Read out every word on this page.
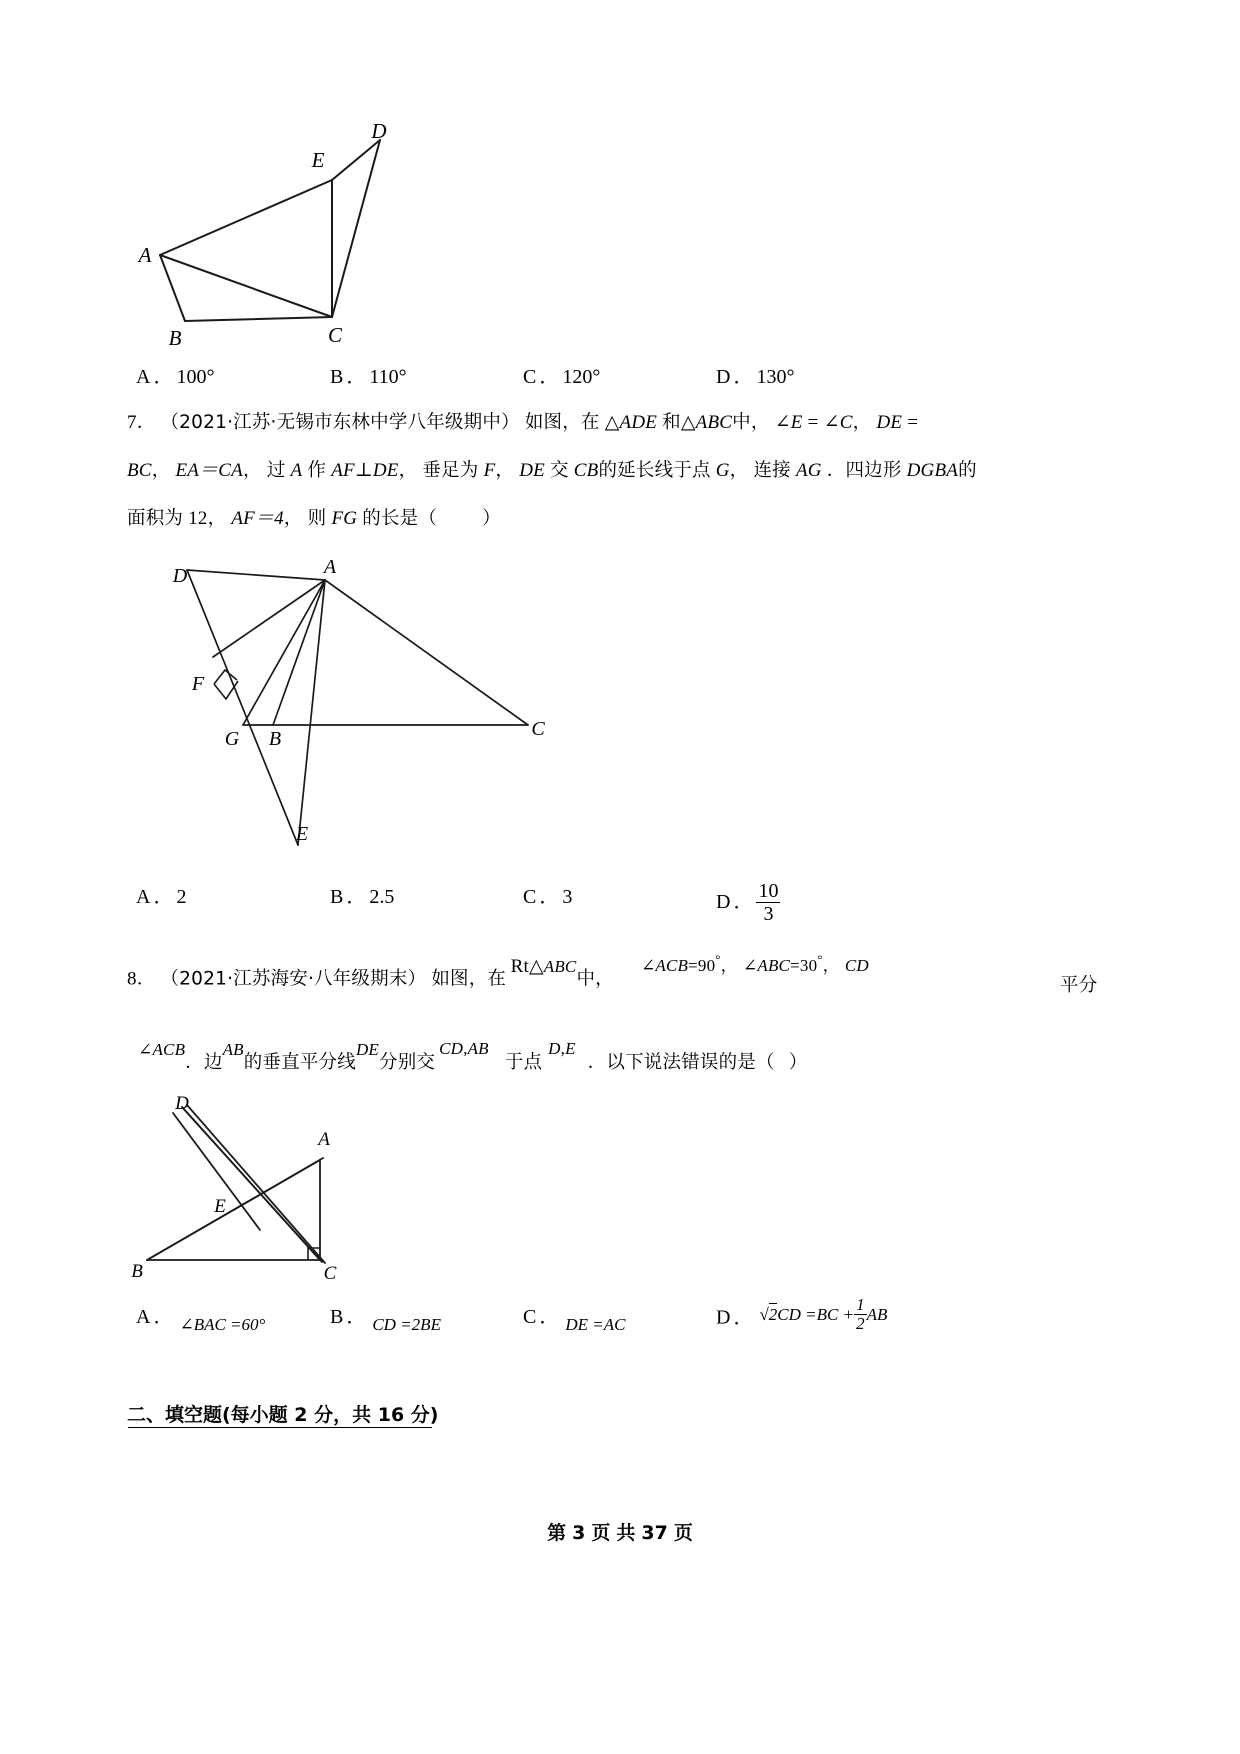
D
E
A
B	C
A ． 100°	B ． 110°	C ． 120°	D ． 130°
7． （2021·江苏·无锡市东林中学八年级期中） 如图，在 △ADE 和△ABC中， ∠E = ∠C， DE =
BC， EA＝CA， 过 A 作 AF⊥DE， 垂足为 F， DE 交 CB的延长线于点 G， 连接 AG ．四边形 DGBA的
面积为 12， AF＝4， 则 FG 的长是（ ）
D	A
F
G B	C
E
A ． 2	B ． 2.5	C ． 3	D ． $\frac{10}{3}$
8． （2021·江苏海安·八年级期末） 如图，在 Rt△ABC中， ∠ACB=90°， ∠ABC=30°， CD
平分
∠ACB．边AB的垂直平分线DE分别交CD,AB于点D,E．以下说法错误的是（ ）
D
A
E
B	C
A ． $_{\angle BAC =60^\circ}$	B ． $_{CD =2BE}$	C ． $_{DE =AC}$	D ． $^{√2CD =BC + \frac{1}{2} AB}$
二、填空题(每小题 2 分，共 16 分)
第 3 页 共 37 页
